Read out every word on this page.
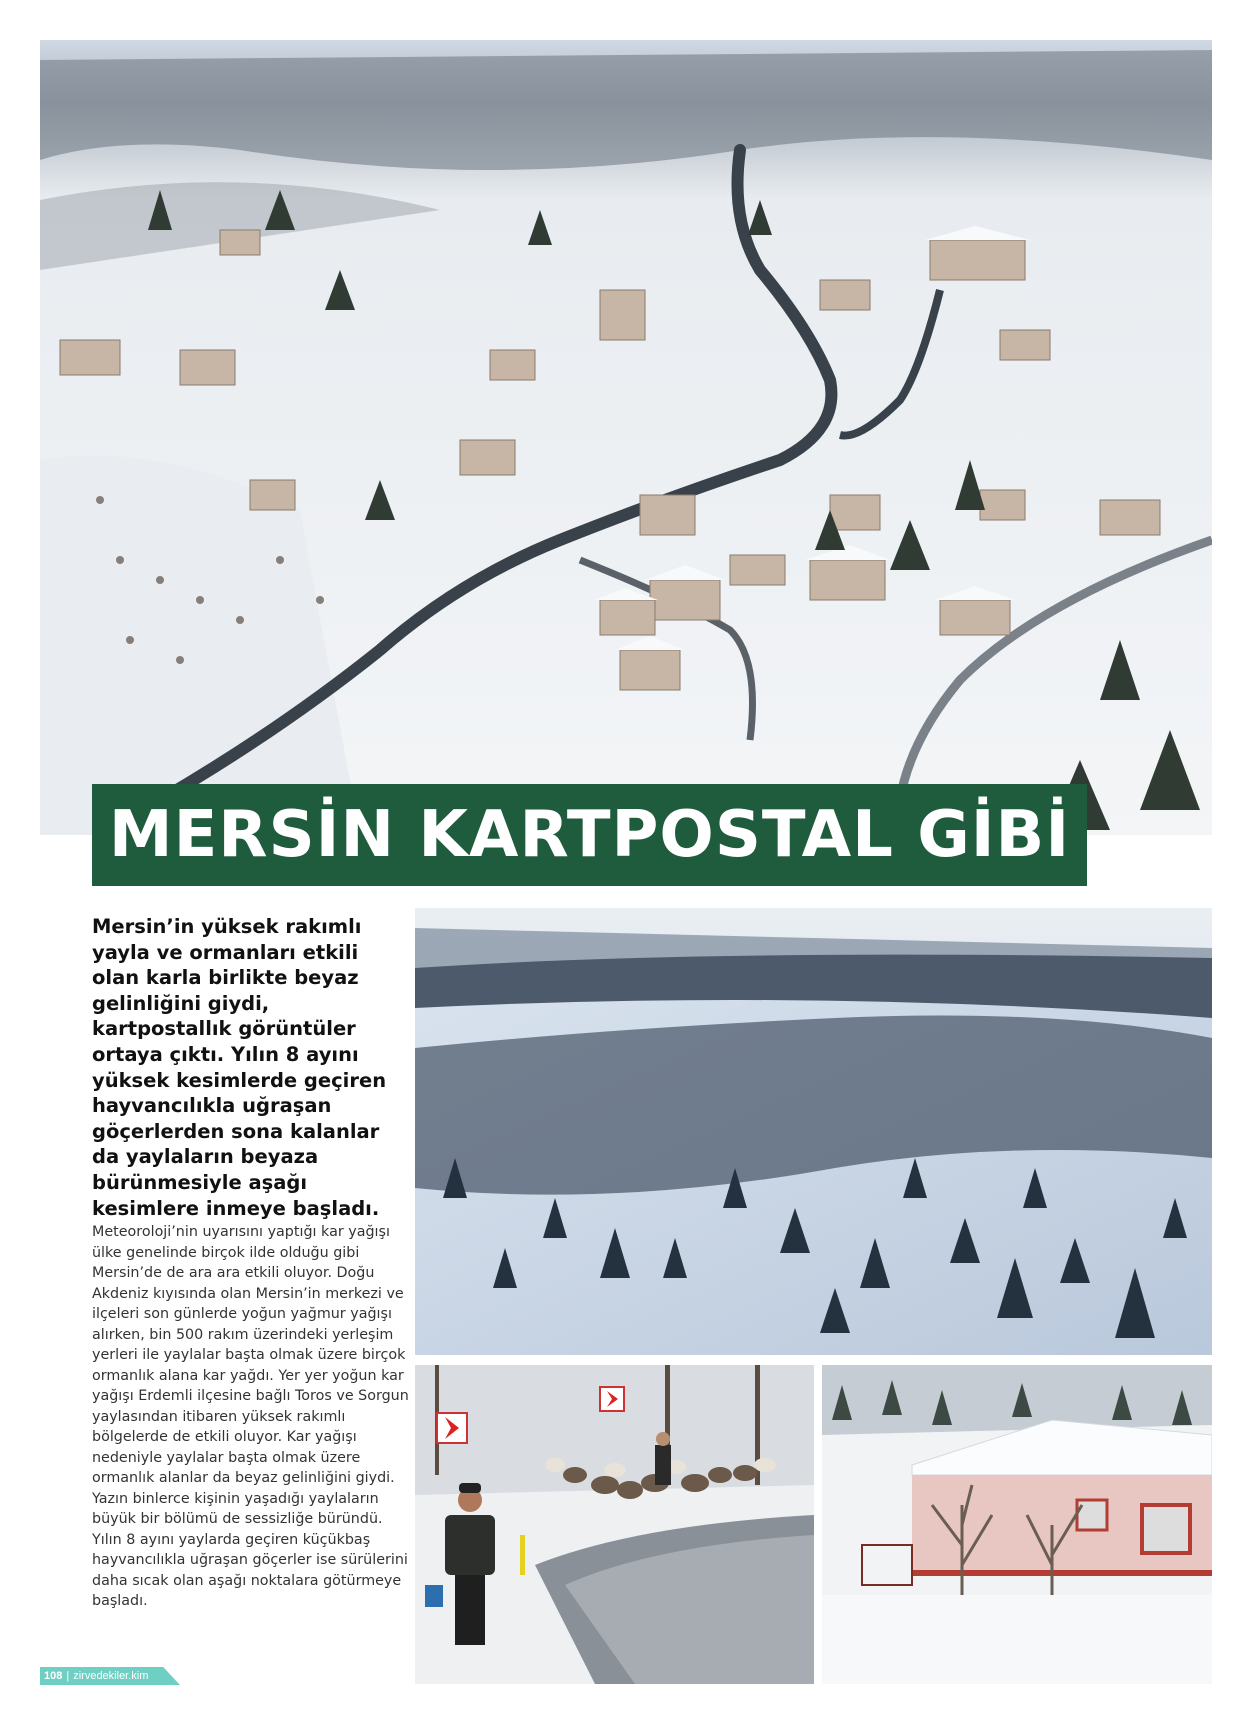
MERSİN KARTPOSTAL GİBİ

Mersin’in yüksek rakımlı yayla ve ormanları etkili olan karla birlikte beyaz gelinliğini giydi, kartpostallık görüntüler ortaya çıktı. Yılın 8 ayını yüksek kesimlerde geçiren hayvancılıkla uğraşan göçerlerden sona kalanlar da yaylaların beyaza bürünmesiyle aşağı kesimlere inmeye başladı.

Meteoroloji’nin uyarısını yaptığı kar yağışı ülke genelinde birçok ilde olduğu gibi Mersin’de de ara ara etkili oluyor. Doğu Akdeniz kıyısında olan Mersin’in merkezi ve ilçeleri son günlerde yoğun yağmur yağışı alırken, bin 500 rakım üzerindeki yerleşim yerleri ile yaylalar başta olmak üzere birçok ormanlık alana kar yağdı. Yer yer yoğun kar yağışı Erdemli ilçesine bağlı Toros ve Sorgun yaylasından itibaren yüksek rakımlı bölgelerde de etkili oluyor. Kar yağışı nedeniyle yaylalar başta olmak üzere ormanlık alanlar da beyaz gelinliğini giydi. Yazın binlerce kişinin yaşadığı yaylaların büyük bir bölümü de sessizliğe büründü. Yılın 8 ayını yaylarda geçiren küçükbaş hayvancılıkla uğraşan göçerler ise sürülerini daha sıcak olan aşağı noktalara götürmeye başladı.

108 | zirvedekiler.kim
